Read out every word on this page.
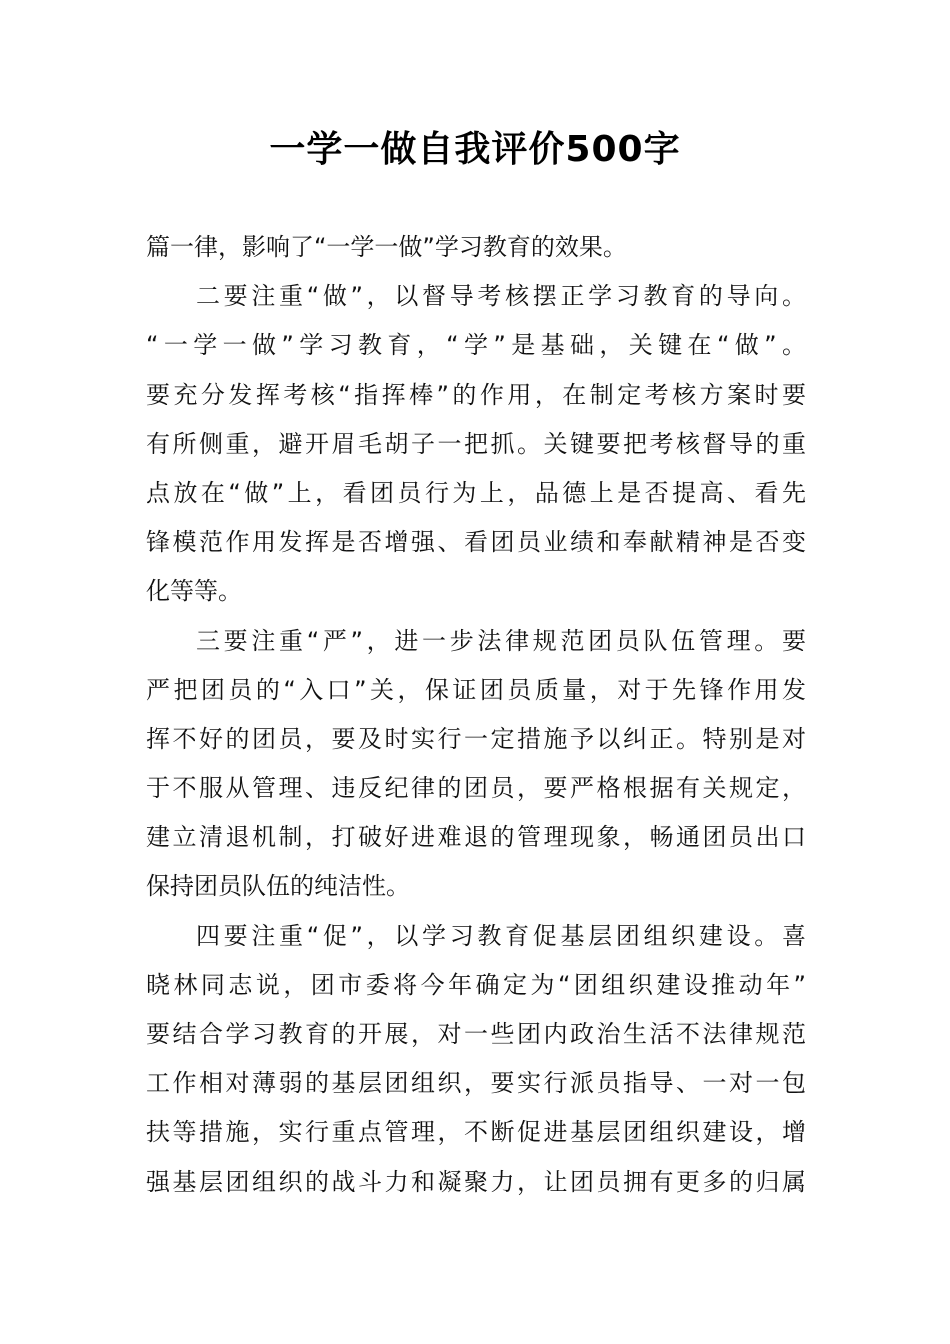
一学一做自我评价500字
篇一律，影响了“一学一做”学习教育的效果。
二要注重“做”，以督导考核摆正学习教育的导向。
“一学一做”学习教育，“学”是基础，关键在“做”。
要充分发挥考核“指挥棒”的作用，在制定考核方案时要
有所侧重，避开眉毛胡子一把抓。关键要把考核督导的重
点放在“做”上，看团员行为上，品德上是否提高、看先
锋模范作用发挥是否增强、看团员业绩和奉献精神是否变
化等等。
三要注重“严”，进一步法律规范团员队伍管理。要
严把团员的“入口”关，保证团员质量，对于先锋作用发
挥不好的团员，要及时实行一定措施予以纠正。特别是对
于不服从管理、违反纪律的团员，要严格根据有关规定，
建立清退机制，打破好进难退的管理现象，畅通团员出口
保持团员队伍的纯洁性。
四要注重“促”，以学习教育促基层团组织建设。喜
晓林同志说，团市委将今年确定为“团组织建设推动年”
要结合学习教育的开展，对一些团内政治生活不法律规范
工作相对薄弱的基层团组织，要实行派员指导、一对一包
扶等措施，实行重点管理，不断促进基层团组织建设，增
强基层团组织的战斗力和凝聚力，让团员拥有更多的归属
